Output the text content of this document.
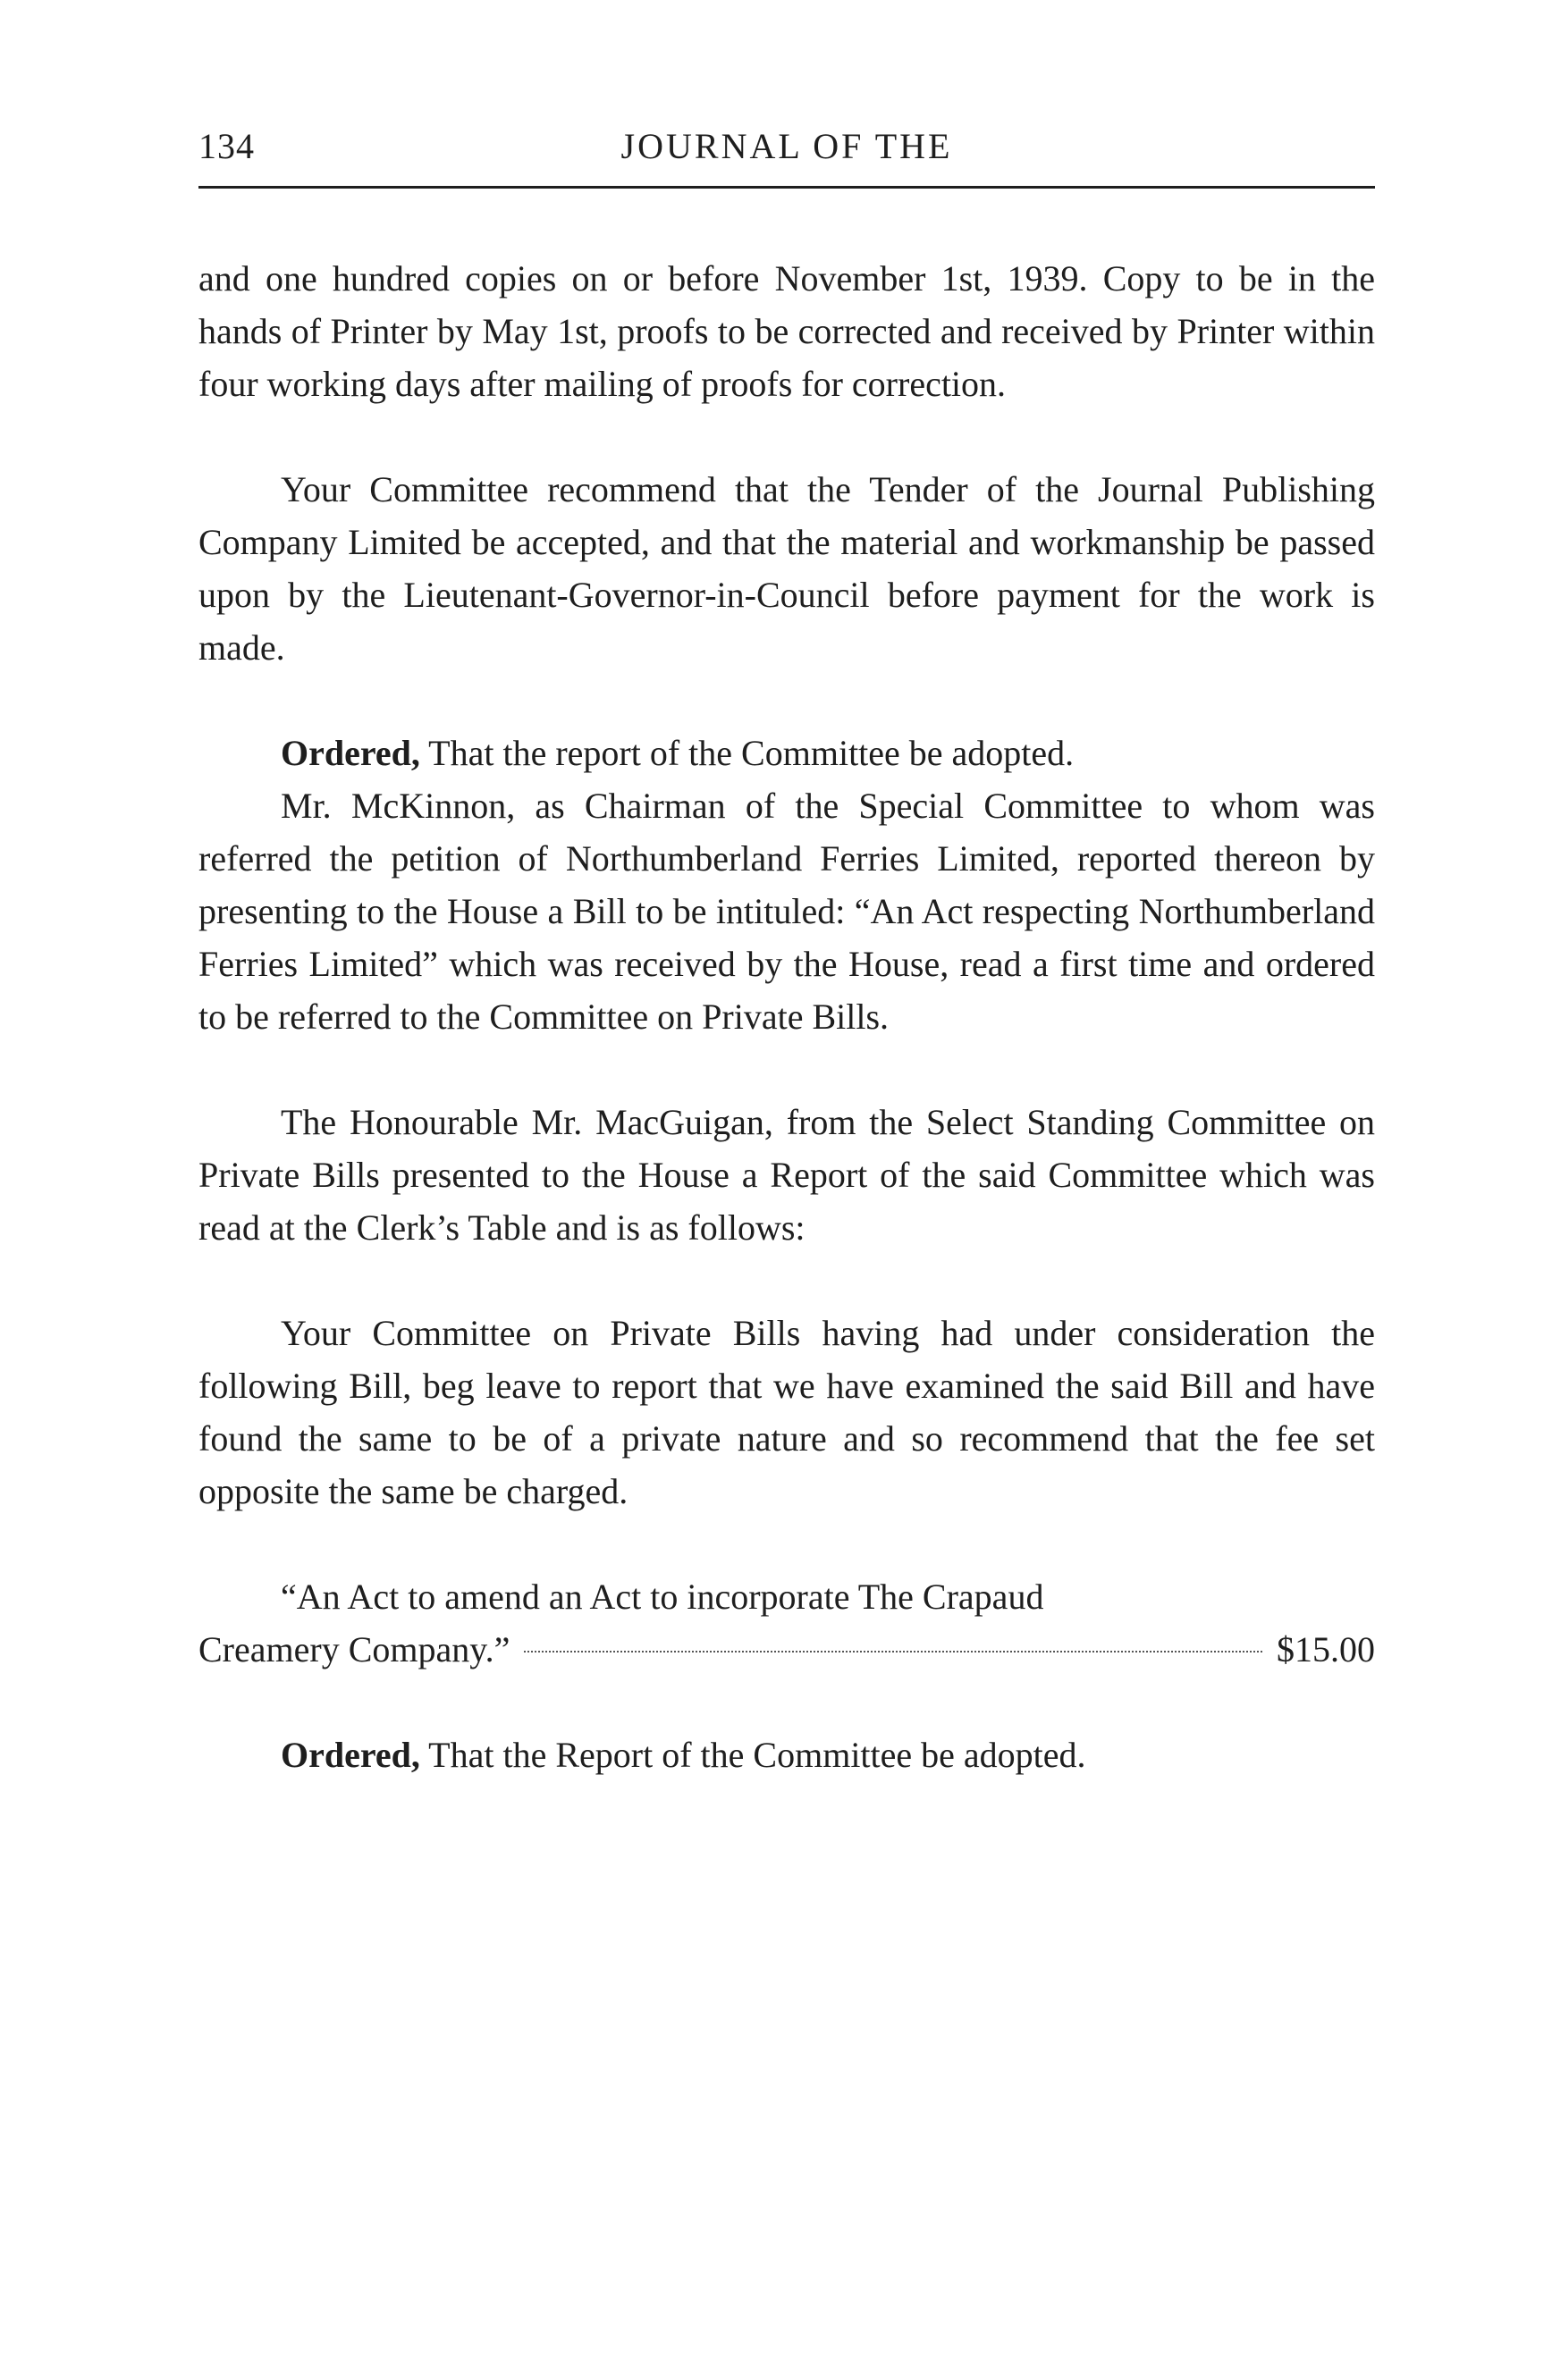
134	JOURNAL OF THE

and one hundred copies on or before November 1st, 1939. Copy to be in the hands of Printer by May 1st, proofs to be corrected and received by Printer within four working days after mailing of proofs for correction.

Your Committee recommend that the Tender of the Journal Publishing Company Limited be accepted, and that the material and workmanship be passed upon by the Lieutenant-Governor-in-Council before payment for the work is made.

Ordered, That the report of the Committee be adopted.

Mr. McKinnon, as Chairman of the Special Committee to whom was referred the petition of Northumberland Ferries Limited, reported thereon by presenting to the House a Bill to be intituled: “An Act respecting Northumberland Ferries Limited” which was received by the House, read a first time and ordered to be referred to the Committee on Private Bills.

The Honourable Mr. MacGuigan, from the Select Standing Committee on Private Bills presented to the House a Report of the said Committee which was read at the Clerk’s Table and is as follows:

Your Committee on Private Bills having had under consideration the following Bill, beg leave to report that we have examined the said Bill and have found the same to be of a private nature and so recommend that the fee set opposite the same be charged.

“An Act to amend an Act to incorporate The Crapaud

Creamery Company.”	$15.00

Ordered, That the Report of the Committee be adopted.
